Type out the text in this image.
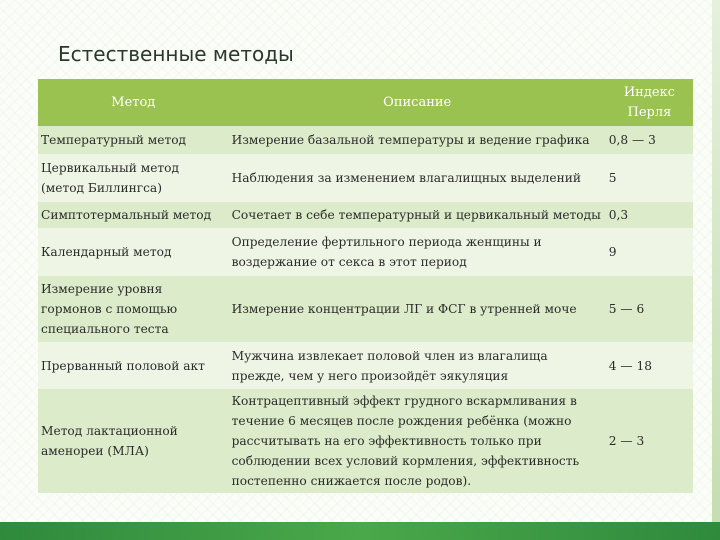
Естественные методы
Метод	Описание	Индекс Перля
Температурный метод	Измерение базальной температуры и ведение графика	0,8 — 3
Цервикальный метод (метод Биллингса)	Наблюдения за изменением влагалищных выделений	5
Симптотермальный метод	Сочетает в себе температурный и цервикальный методы	0,3
Календарный метод	Определение фертильного периода женщины и воздержание от секса в этот период	9
Измерение уровня гормонов с помощью специального теста	Измерение концентрации ЛГ и ФСГ в утренней моче	5 — 6
Прерванный половой акт	Мужчина извлекает половой член из влагалища прежде, чем у него произойдёт эякуляция	4 — 18
Метод лактационной аменореи (МЛА)	Контрацептивный эффект грудного вскармливания в течение 6 месяцев после рождения ребёнка (можно рассчитывать на его эффективность только при соблюдении всех условий кормления, эффективность постепенно снижается после родов).	2 — 3
